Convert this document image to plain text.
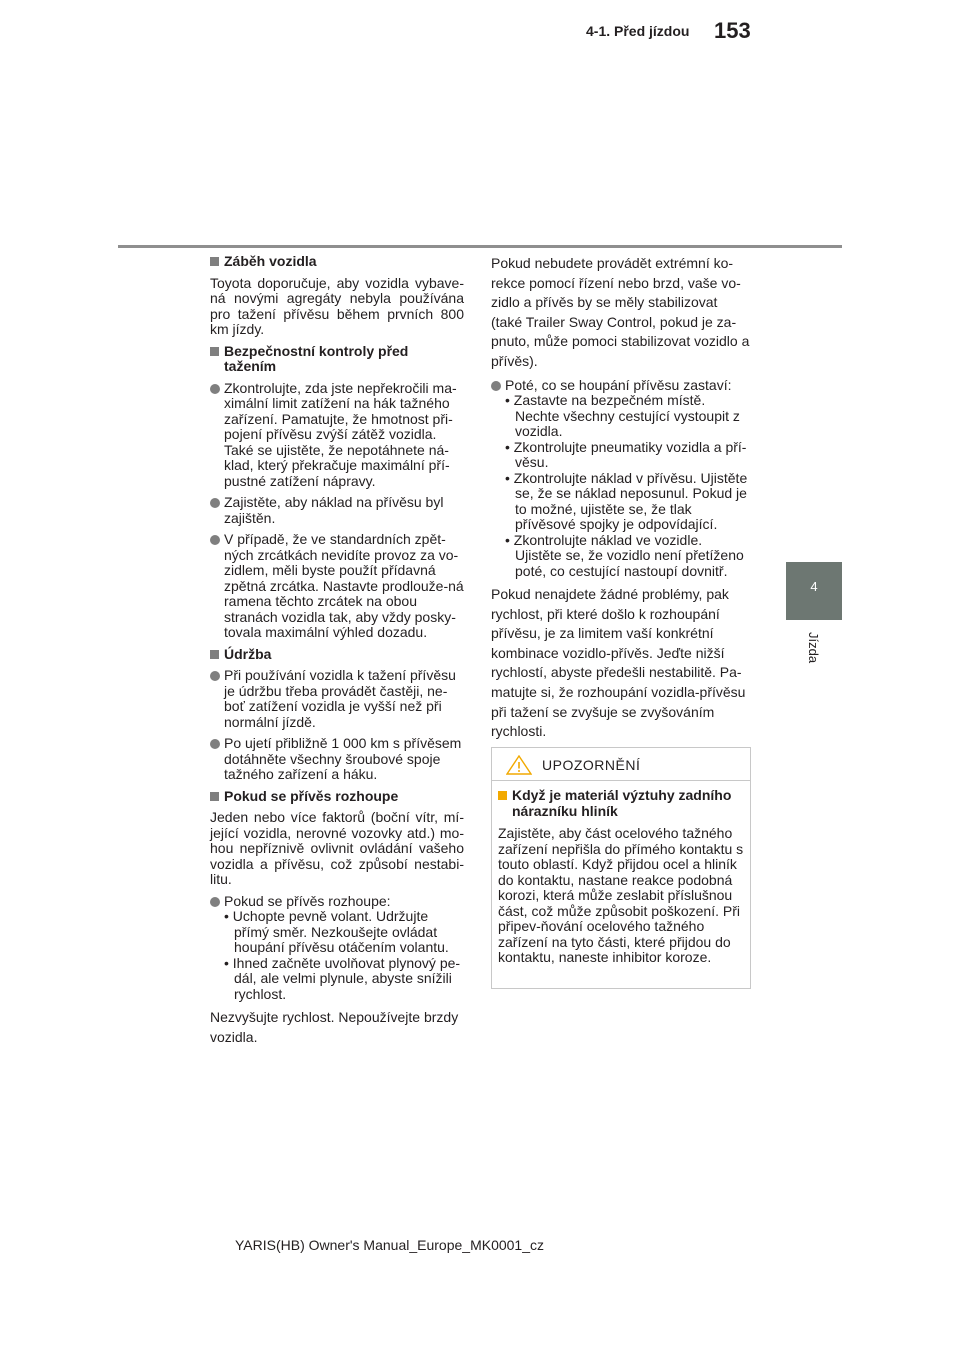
153
4-1. Před jízdou
4
Jízda
Záběh vozidla
Toyota doporučuje, aby vozidla vybave-ná novými agregáty nebyla používána pro tažení přívěsu během prvních 800 km jízdy.
Bezpečnostní kontroly před tažením
Zkontrolujte, zda jste nepřekročili ma-ximální limit zatížení na hák tažného zařízení. Pamatujte, že hmotnost při-pojení přívěsu zvýší zátěž vozidla. Také se ujistěte, že nepotáhnete ná-klad, který překračuje maximální pří-pustné zatížení nápravy.
Zajistěte, aby náklad na přívěsu byl zajištěn.
V případě, že ve standardních zpět-ných zrcátkách nevidíte provoz za vo-zidlem, měli byste použít přídavná zpětná zrcátka. Nastavte prodlouže-ná ramena těchto zrcátek na obou stranách vozidla tak, aby vždy posky-tovala maximální výhled dozadu.
Údržba
Při používání vozidla k tažení přívěsu je údržbu třeba provádět častěji, ne-boť zatížení vozidla je vyšší než při normální jízdě.
Po ujetí přibližně 1 000 km s přívěsem dotáhněte všechny šroubové spoje tažného zařízení a háku.
Pokud se přívěs rozhoupe
Jeden nebo více faktorů (boční vítr, mí-jející vozidla, nerovné vozovky atd.) mo-hou nepříznivě ovlivnit ovládání vašeho vozidla a přívěsu, což způsobí nestabi-litu.
Pokud se přívěs rozhoupe:
• Uchopte pevně volant. Udržujte přímý směr. Nezkoušejte ovládat houpání přívěsu otáčením volantu.
• Ihned začněte uvolňovat plynový pe-dál, ale velmi plynule, abyste snížili rychlost.
Nezvyšujte rychlost. Nepoužívejte brzdy vozidla.
Pokud nebudete provádět extrémní ko-rekce pomocí řízení nebo brzd, vaše vo-zidlo a přívěs by se měly stabilizovat (také Trailer Sway Control, pokud je za-pnuto, může pomoci stabilizovat vozidlo a přívěs).
Poté, co se houpání přívěsu zastaví:
• Zastavte na bezpečném místě. Nechte všechny cestující vystoupit z vozidla.
• Zkontrolujte pneumatiky vozidla a pří-věsu.
• Zkontrolujte náklad v přívěsu. Ujistěte se, že se náklad neposunul. Pokud je to možné, ujistěte se, že tlak přívěsové spojky je odpovídající.
• Zkontrolujte náklad ve vozidle. Ujistěte se, že vozidlo není přetíženo poté, co cestující nastoupí dovnitř.
Pokud nenajdete žádné problémy, pak rychlost, při které došlo k rozhoupání přívěsu, je za limitem vaší konkrétní kombinace vozidlo-přívěs. Jeďte nižší rychlostí, abyste předešli nestabilitě. Pa-matujte si, že rozhoupání vozidla-přívěsu při tažení se zvyšuje se zvyšováním rychlosti.
UPOZORNĚNÍ
Když je materiál výztuhy zadního nárazníku hliník
Zajistěte, aby část ocelového tažného zařízení nepřišla do přímého kontaktu s touto oblastí. Když přijdou ocel a hliník do kontaktu, nastane reakce podobná korozi, která může zeslabit příslušnou část, což může způsobit poškození. Při připev-ňování ocelového tažného zařízení na tyto části, které přijdou do kontaktu, naneste inhibitor koroze.
YARIS(HB) Owner's Manual_Europe_MK0001_cz
